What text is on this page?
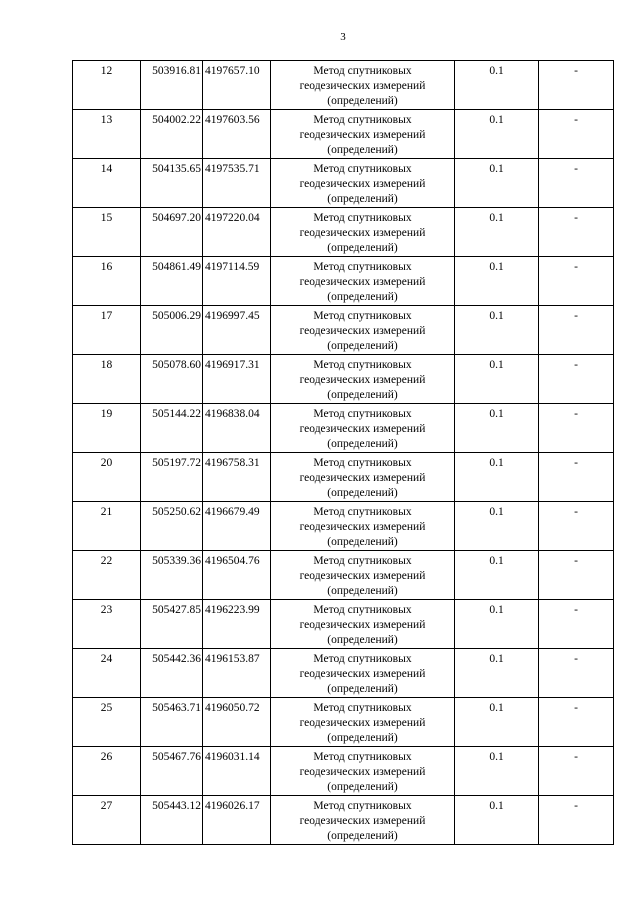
3
12	503916.81	4197657.10	Метод спутниковых
геодезических измерений
(определений)	0.1	-
13	504002.22	4197603.56	Метод спутниковых
геодезических измерений
(определений)	0.1	-
14	504135.65	4197535.71	Метод спутниковых
геодезических измерений
(определений)	0.1	-
15	504697.20	4197220.04	Метод спутниковых
геодезических измерений
(определений)	0.1	-
16	504861.49	4197114.59	Метод спутниковых
геодезических измерений
(определений)	0.1	-
17	505006.29	4196997.45	Метод спутниковых
геодезических измерений
(определений)	0.1	-
18	505078.60	4196917.31	Метод спутниковых
геодезических измерений
(определений)	0.1	-
19	505144.22	4196838.04	Метод спутниковых
геодезических измерений
(определений)	0.1	-
20	505197.72	4196758.31	Метод спутниковых
геодезических измерений
(определений)	0.1	-
21	505250.62	4196679.49	Метод спутниковых
геодезических измерений
(определений)	0.1	-
22	505339.36	4196504.76	Метод спутниковых
геодезических измерений
(определений)	0.1	-
23	505427.85	4196223.99	Метод спутниковых
геодезических измерений
(определений)	0.1	-
24	505442.36	4196153.87	Метод спутниковых
геодезических измерений
(определений)	0.1	-
25	505463.71	4196050.72	Метод спутниковых
геодезических измерений
(определений)	0.1	-
26	505467.76	4196031.14	Метод спутниковых
геодезических измерений
(определений)	0.1	-
27	505443.12	4196026.17	Метод спутниковых
геодезических измерений
(определений)	0.1	-
